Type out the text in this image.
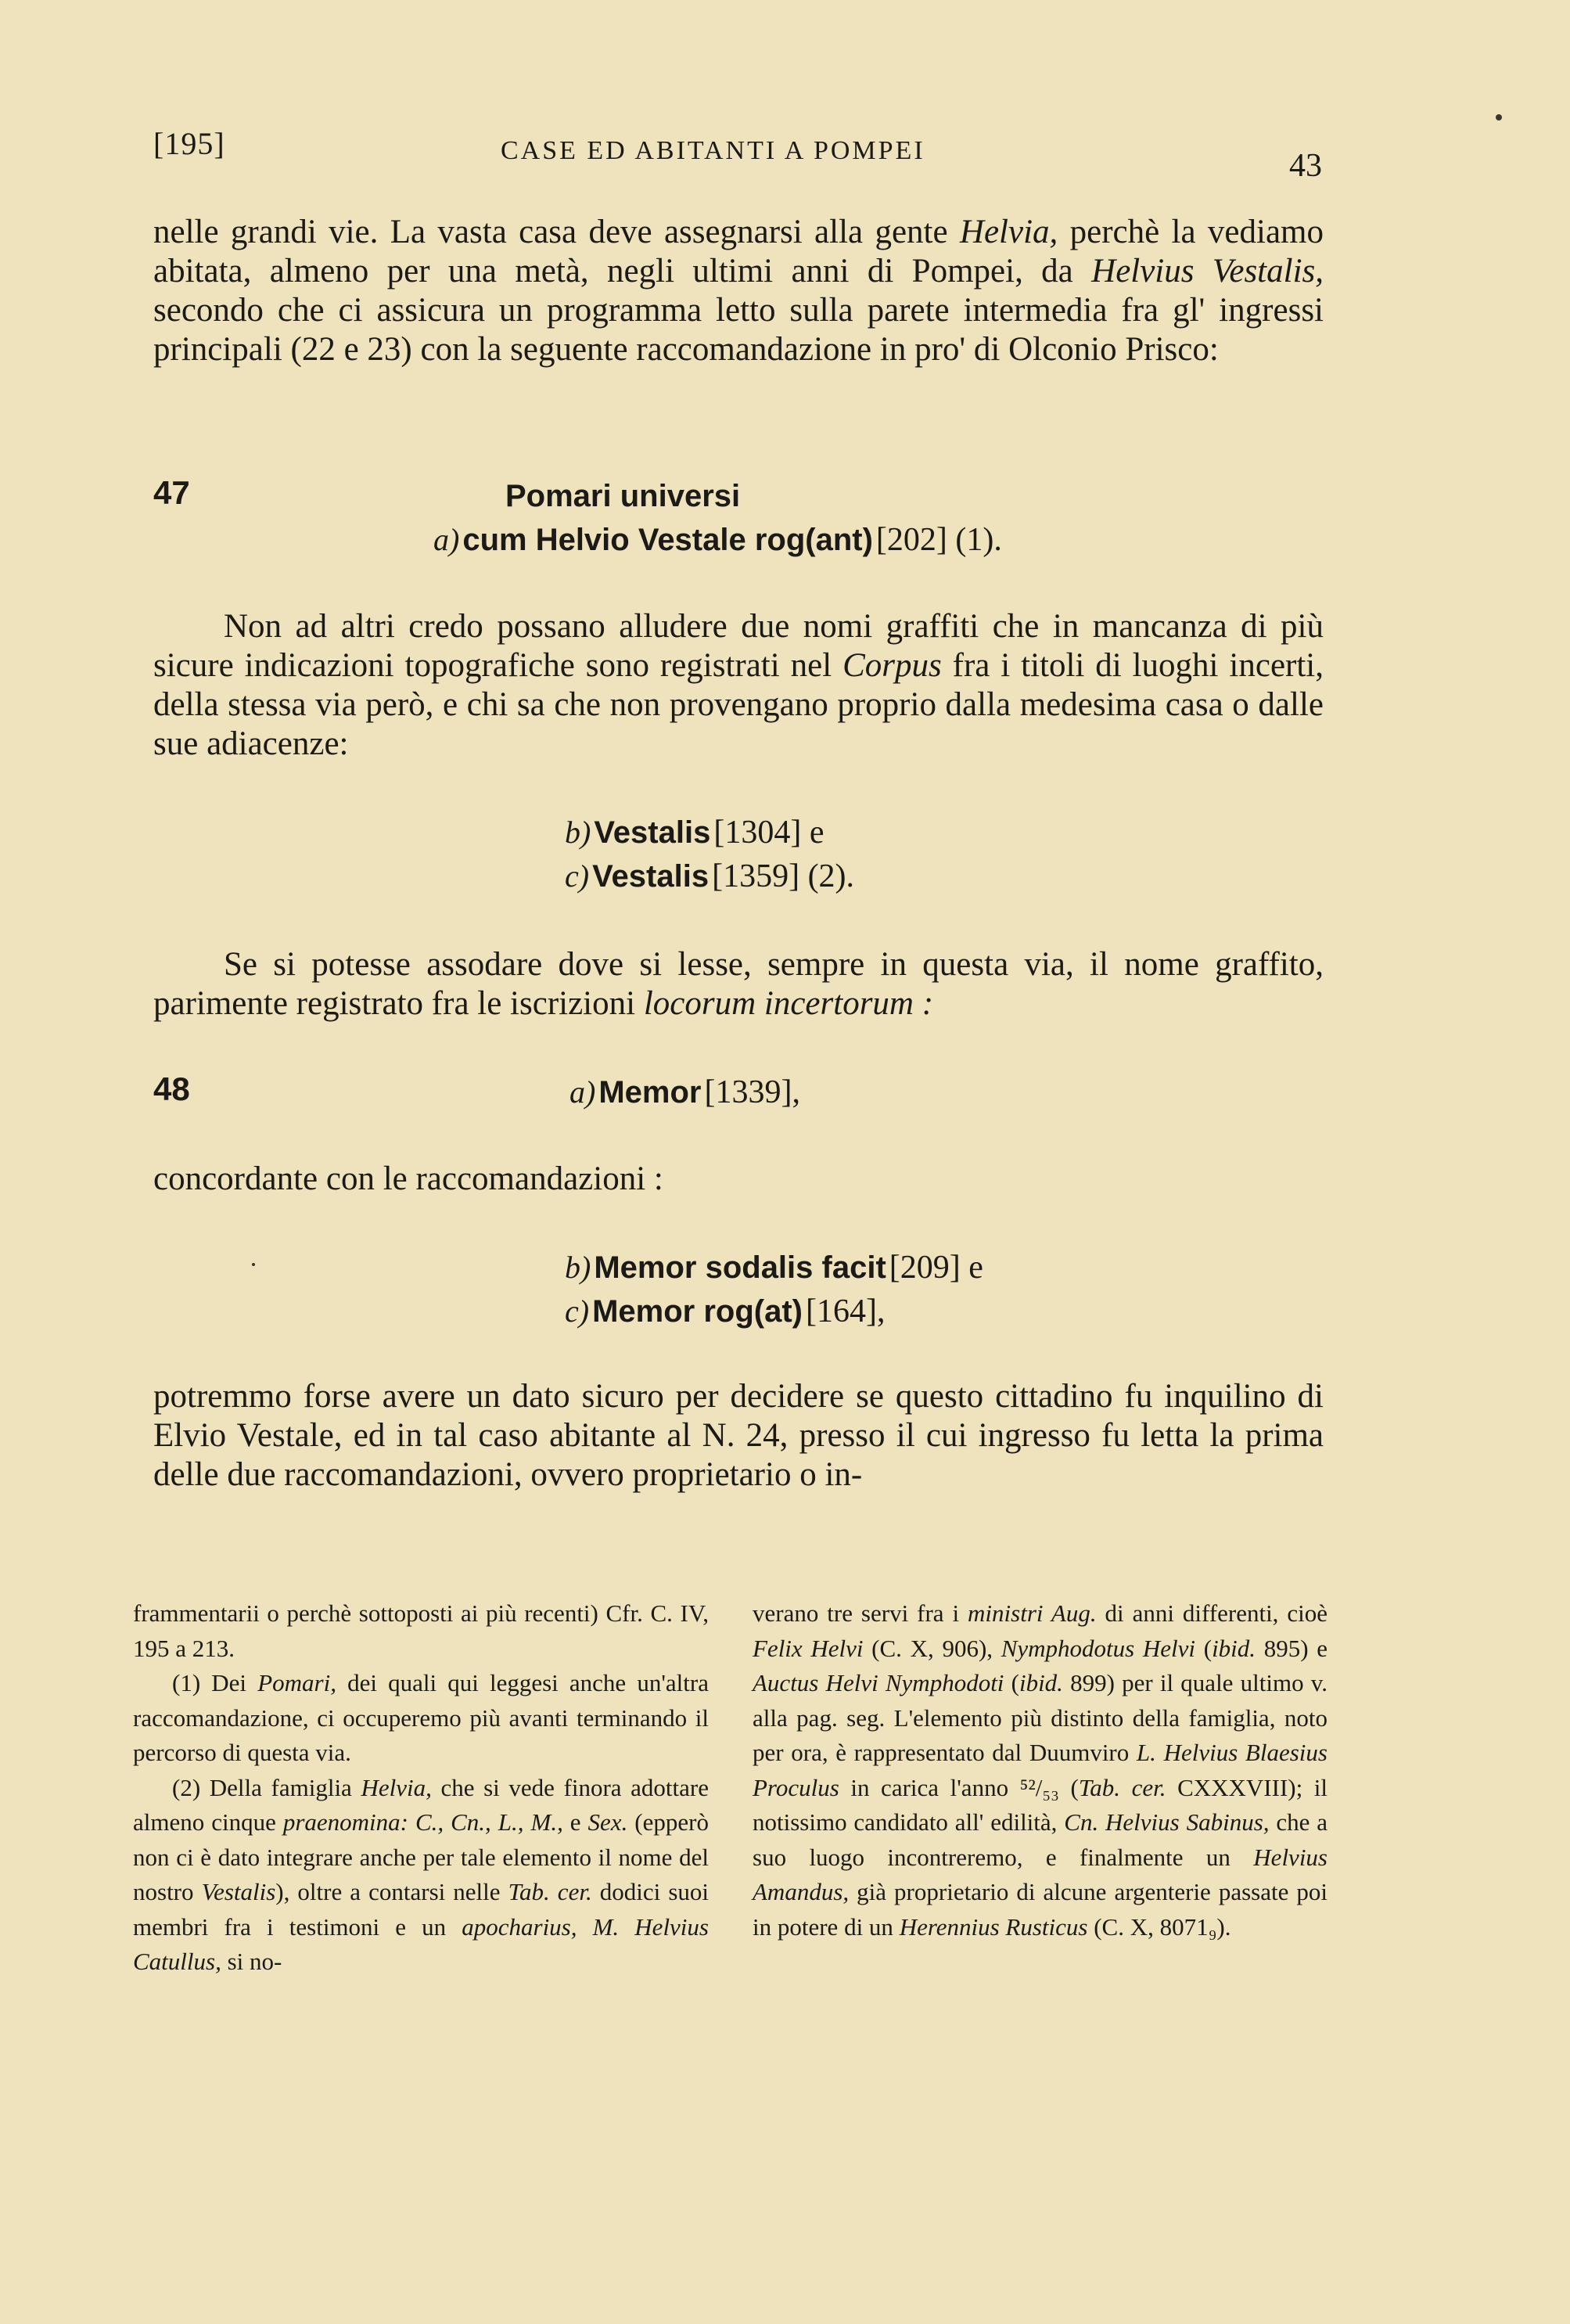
[195]	CASE ED ABITANTI A POMPEI	43
nelle grandi vie. La vasta casa deve assegnarsi alla gente Helvia, perchè la vediamo abitata, almeno per una metà, negli ultimi anni di Pompei, da Helvius Vestalis, secondo che ci assicura un programma letto sulla parete intermedia fra gl' ingressi principali (22 e 23) con la seguente raccomandazione in pro' di Olconio Prisco:
47	Pomari universi
a) cum Helvio Vestale rog(ant) [202] (1).
Non ad altri credo possano alludere due nomi graffiti che in mancanza di più sicure indicazioni topografiche sono registrati nel Corpus fra i titoli di luoghi incerti, della stessa via però, e chi sa che non provengano proprio dalla medesima casa o dalle sue adiacenze:
b) Vestalis [1304] e
c) Vestalis [1359] (2).
Se si potesse assodare dove si lesse, sempre in questa via, il nome graffito, parimente registrato fra le iscrizioni locorum incertorum :
48	a) Memor [1339],
concordante con le raccomandazioni :
b) Memor sodalis facit [209] e
c) Memor rog(at) [164],
potremmo forse avere un dato sicuro per decidere se questo cittadino fu inquilino di Elvio Vestale, ed in tal caso abitante al N. 24, presso il cui ingresso fu letta la prima delle due raccomandazioni, ovvero proprietario o in-

frammentarii o perchè sottoposti ai più recenti) Cfr. C. IV, 195 a 213.

(1) Dei Pomari, dei quali qui leggesi anche un'altra raccomandazione, ci occuperemo più avanti terminando il percorso di questa via.

(2) Della famiglia Helvia, che si vede finora adottare almeno cinque praenomina: C., Cn., L., M., e Sex. (epperò non ci è dato integrare anche per tale elemento il nome del nostro Vestalis), oltre a contarsi nelle Tab. cer. dodici suoi membri fra i testimoni e un apocharius, M. Helvius Catullus, si no-

verano tre servi fra i ministri Aug. di anni differenti, cioè Felix Helvi (C. X, 906), Nymphodotus Helvi (ibid. 895) e Auctus Helvi Nymphodoti (ibid. 899) per il quale ultimo v. alla pag. seg. L'elemento più distinto della famiglia, noto per ora, è rappresentato dal Duumviro L. Helvius Blaesius Proculus in carica l'anno ⁵²/₅₃ (Tab. cer. CXXXVIII); il notissimo candidato all' edilità, Cn. Helvius Sabinus, che a suo luogo incontreremo, e finalmente un Helvius Amandus, già proprietario di alcune argenterie passate poi in potere di un Herennius Rusticus (C. X, 8071₉).
